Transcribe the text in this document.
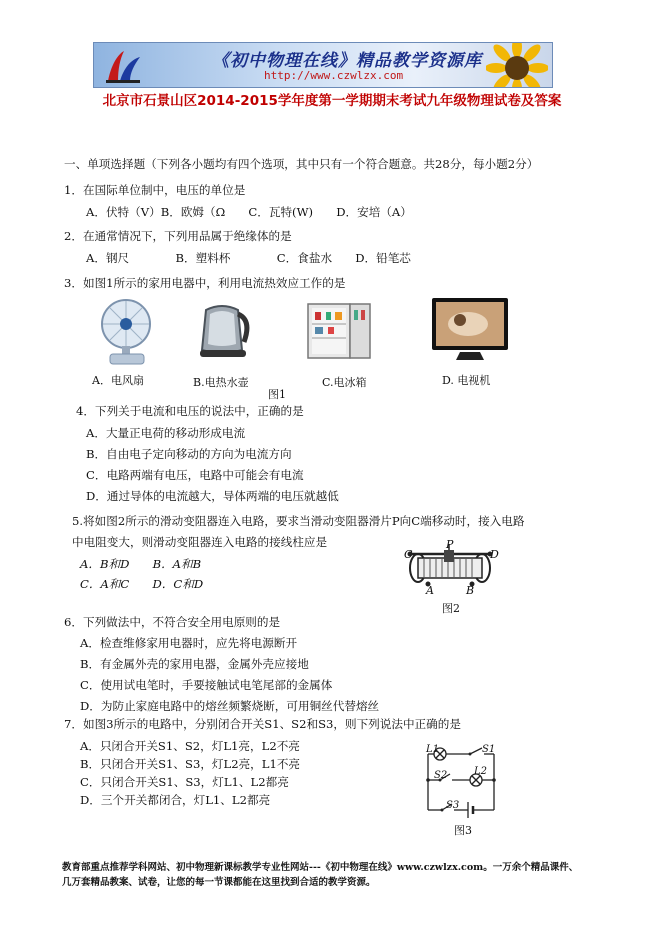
《初中物理在线》精品教学资源库
http://www.czwlzx.com
北京市石景山区2014-2015学年度第一学期期末考试九年级物理试卷及答案
一、单项选择题（下列各小题均有四个选项，其中只有一个符合题意。共28分，每小题2分）
1．在国际单位制中，电压的单位是
A．伏特（V）B．欧姆（Ω　　C．瓦特(W)　　D．安培（A）
2．在通常情况下，下列用品属于绝缘体的是
A．钢尺　　　　B．塑料杯　　　　C．食盐水　　D．铅笔芯
3．如图1所示的家用电器中，利用电流热效应工作的是
A．电风扇	B.电热水壶	C.电冰箱	D. 电视机
图1
4．下列关于电流和电压的说法中，正确的是
A．大量正电荷的移动形成电流
B．自由电子定向移动的方向为电流方向
C．电路两端有电压，电路中可能会有电流
D．通过导体的电流越大，导体两端的电压就越低
5.将如图2所示的滑动变阻器连入电路，要求当滑动变阻器滑片P向C端移动时，接入电路
中电阻变大，则滑动变阻器连入电路的接线柱应是
A．B和D　　B．A和B
C．A和C　　D．C和D
C
P
D
A	B
图2
6．下列做法中，不符合安全用电原则的是
A．检查维修家用电器时，应先将电源断开
B．有金属外壳的家用电器，金属外壳应接地
C．使用试电笔时，手要接触试电笔尾部的金属体
D．为防止家庭电路中的熔丝频繁烧断，可用铜丝代替熔丝
7．如图3所示的电路中，分别闭合开关S1、S2和S3，则下列说法中正确的是
A．只闭合开关S1、S2，灯L1亮，L2不亮
B．只闭合开关S1、S3，灯L2亮，L1不亮
C．只闭合开关S1、S3，灯L1、L2都亮
D．三个开关都闭合，灯L1、L2都亮
L1	S1
S2	L2
S3
图3
教育部重点推荐学科网站、初中物理新课标教学专业性网站---《初中物理在线》www.czwlzx.com。一万余个精品课件、
几万套精品教案、试卷，让您的每一节课都能在这里找到合适的教学资源。
